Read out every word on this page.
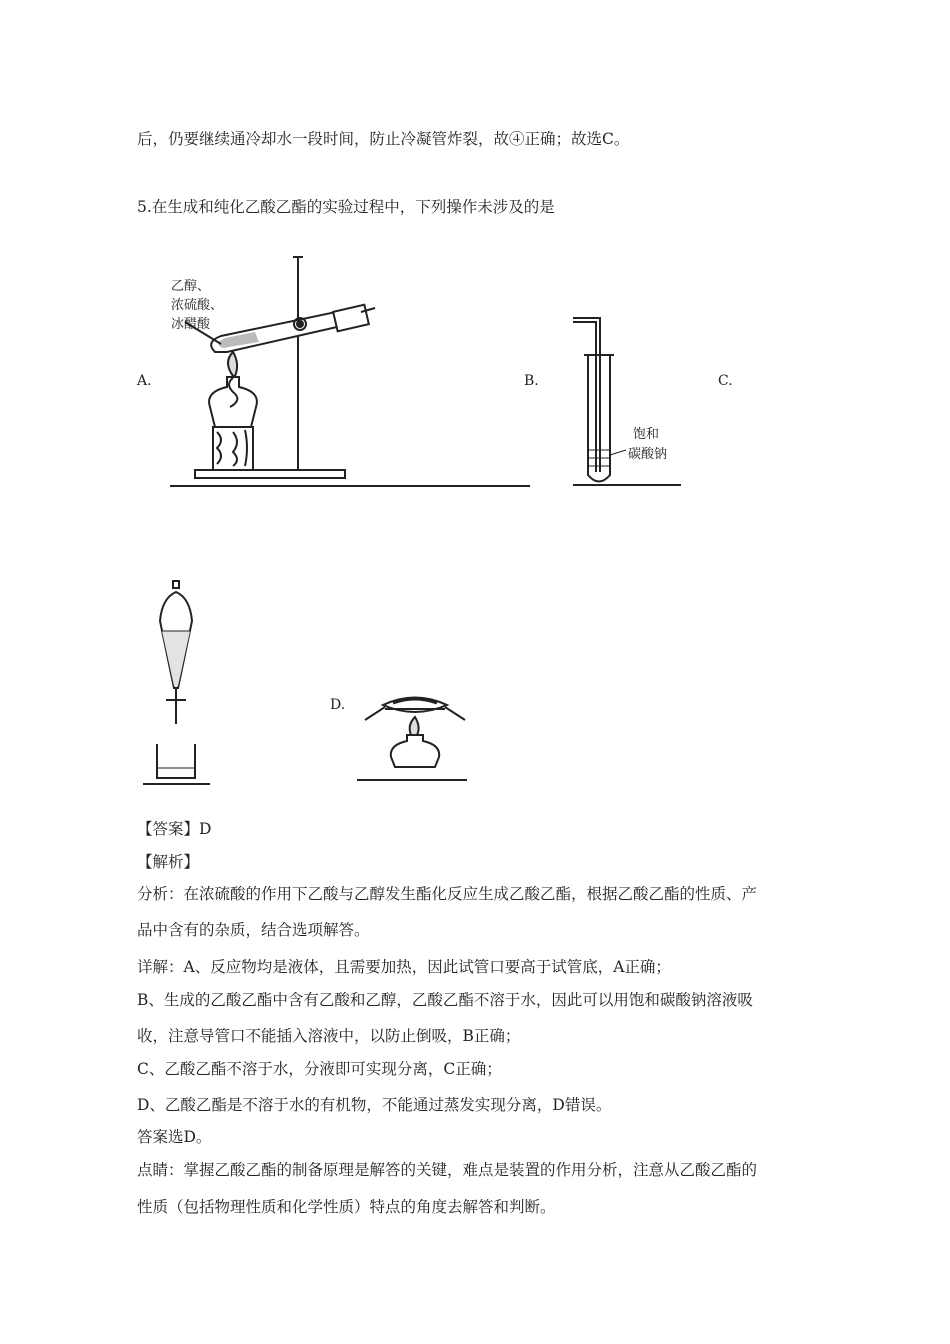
后，仍要继续通冷却水一段时间，防止冷凝管炸裂，故④正确；故选C。
5.在生成和纯化乙酸乙酯的实验过程中，下列操作未涉及的是
A.	B.	C.
D.
乙醇、
浓硫酸、
冰醋酸
饱和
碳酸钠
【答案】D
【解析】
分析：在浓硫酸的作用下乙酸与乙醇发生酯化反应生成乙酸乙酯，根据乙酸乙酯的性质、产
品中含有的杂质，结合选项解答。
详解：A、反应物均是液体，且需要加热，因此试管口要高于试管底，A正确；
B、生成的乙酸乙酯中含有乙酸和乙醇，乙酸乙酯不溶于水，因此可以用饱和碳酸钠溶液吸
收，注意导管口不能插入溶液中，以防止倒吸，B正确；
C、乙酸乙酯不溶于水，分液即可实现分离，C正确；
D、乙酸乙酯是不溶于水的有机物，不能通过蒸发实现分离，D错误。
答案选D。
点睛：掌握乙酸乙酯的制备原理是解答的关键，难点是装置的作用分析，注意从乙酸乙酯的
性质（包括物理性质和化学性质）特点的角度去解答和判断。
